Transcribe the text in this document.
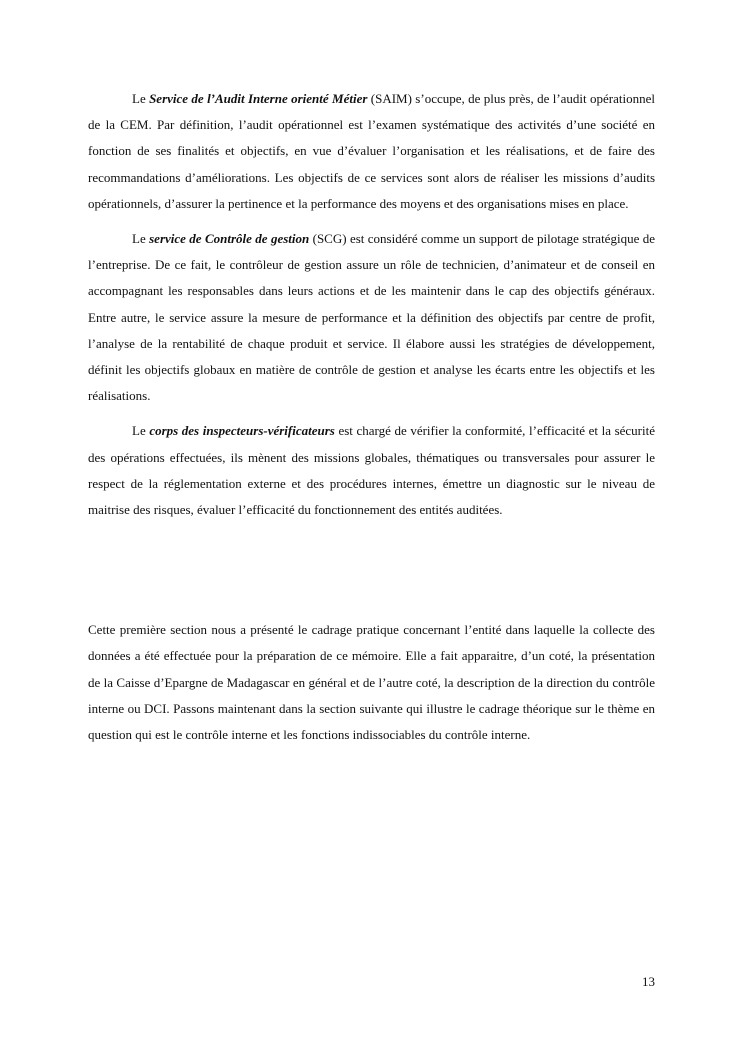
Le Service de l’Audit Interne orienté Métier (SAIM) s’occupe, de plus près, de l’audit opérationnel de la CEM. Par définition, l’audit opérationnel est l’examen systématique des activités d’une société en fonction de ses finalités et objectifs, en vue d’évaluer l’organisation et les réalisations, et de faire des recommandations d’améliorations. Les objectifs de ce services sont alors de réaliser les missions d’audits opérationnels, d’assurer la pertinence et la performance des moyens et des organisations mises en place.

Le service de Contrôle de gestion (SCG) est considéré comme un support de pilotage stratégique de l’entreprise. De ce fait, le contrôleur de gestion assure un rôle de technicien, d’animateur et de conseil en accompagnant les responsables dans leurs actions et de les maintenir dans le cap des objectifs généraux. Entre autre, le service assure la mesure de performance et la définition des objectifs par centre de profit, l’analyse de la rentabilité de chaque produit et service. Il élabore aussi les stratégies de développement, définit les objectifs globaux en matière de contrôle de gestion et analyse les écarts entre les objectifs et les réalisations.

Le corps des inspecteurs-vérificateurs est chargé de vérifier la conformité, l’efficacité et la sécurité des opérations effectuées, ils mènent des missions globales, thématiques ou transversales pour assurer le respect de la réglementation externe et des procédures internes, émettre un diagnostic sur le niveau de maitrise des risques, évaluer l’efficacité du fonctionnement des entités auditées.

Cette première section nous a présenté le cadrage pratique concernant l’entité dans laquelle la collecte des données a été effectuée pour la préparation de ce mémoire. Elle a fait apparaitre, d’un coté, la présentation de la Caisse d’Epargne de Madagascar en général et de l’autre coté, la description de la direction du contrôle interne ou DCI. Passons maintenant dans la section suivante qui illustre le cadrage théorique sur le thème en question qui est le contrôle interne et les fonctions indissociables du contrôle interne.

13
